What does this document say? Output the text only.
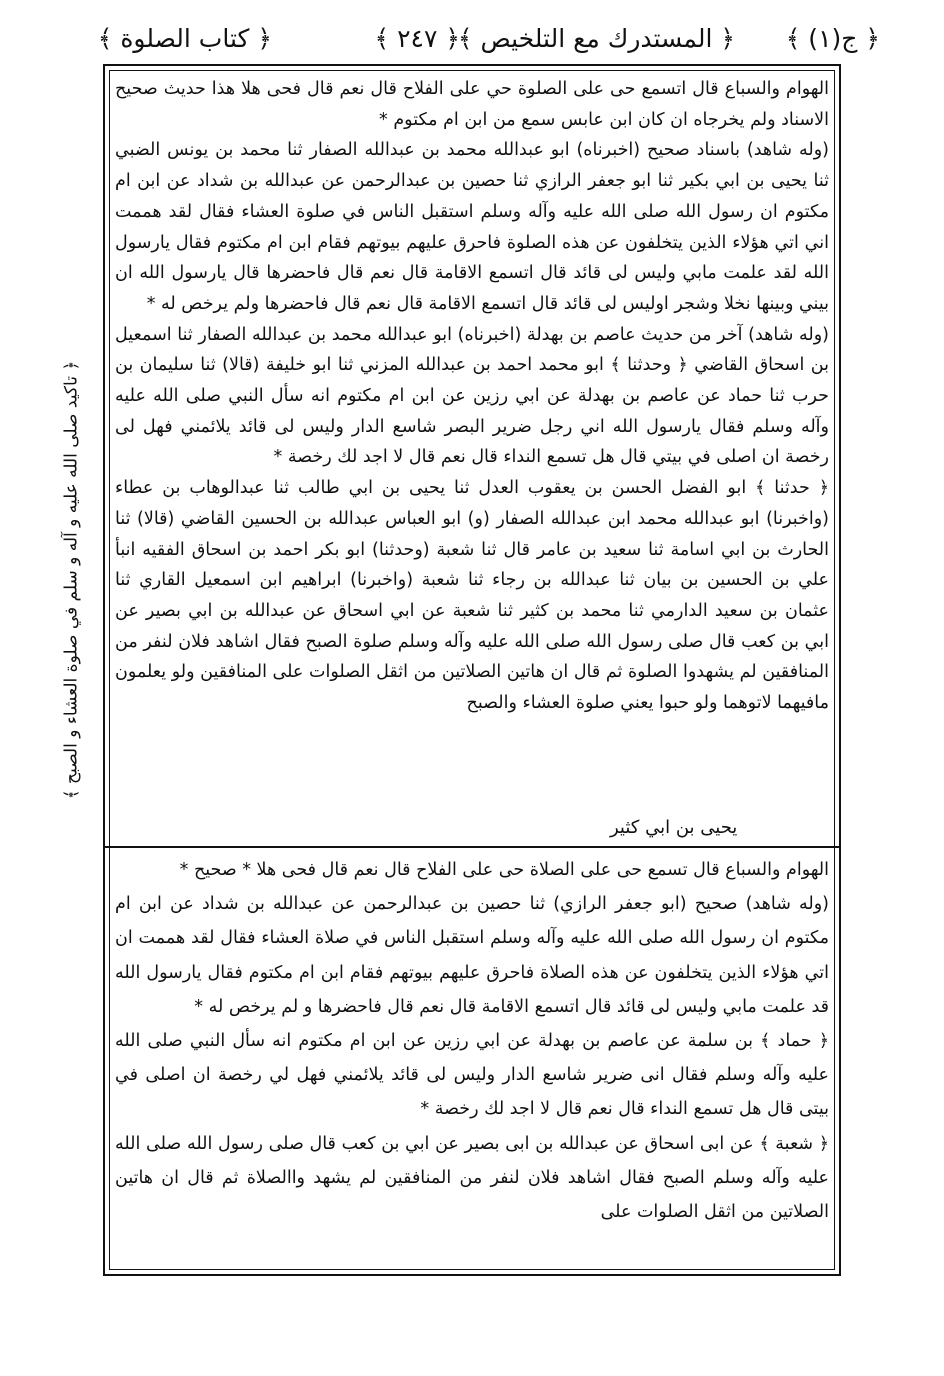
﴿ ج(١) ﴾
﴿ المستدرك مع التلخيص ﴾
﴿ ٢٤٧ ﴾
﴿ كتاب الصلوة ﴾
﴿ تاكيد صلى الله عليه و آله و سلم في صلوة العشاء و الصبح ﴾

الهوام والسباع قال اتسمع حى على الصلوة حي على الفلاح قال نعم قال فحى هلا هذا حديث صحيح الاسناد ولم يخرجاه ان كان ابن عابس سمع من ابن ام مكتوم *

(وله شاهد) باسناد صحيح (اخبرناه) ابو عبدالله محمد بن عبدالله الصفار ثنا محمد بن يونس الضبي ثنا يحيى بن ابي بكير ثنا ابو جعفر الرازي ثنا حصين بن عبدالرحمن عن عبدالله بن شداد عن ابن ام مكتوم ان رسول الله صلى الله عليه وآله وسلم استقبل الناس في صلوة العشاء فقال لقد هممت اني اتي هؤلاء الذين يتخلفون عن هذه الصلوة فاحرق عليهم بيوتهم فقام ابن ام مكتوم فقال يارسول الله لقد علمت مابي وليس لى قائد قال اتسمع الاقامة قال نعم قال فاحضرها قال يارسول الله ان بيني وبينها نخلا وشجر اوليس لى قائد قال اتسمع الاقامة قال نعم قال فاحضرها ولم يرخص له *

(وله شاهد) آخر من حديث عاصم بن بهدلة (اخبرناه) ابو عبدالله محمد بن عبدالله الصفار ثنا اسمعيل بن اسحاق القاضي ﴿ وحدثنا ﴾ ابو محمد احمد بن عبدالله المزني ثنا ابو خليفة (قالا) ثنا سليمان بن حرب ثنا حماد عن عاصم بن بهدلة عن ابي رزين عن ابن ام مكتوم انه سأل النبي صلى الله عليه وآله وسلم فقال يارسول الله اني رجل ضرير البصر شاسع الدار وليس لى قائد يلائمني فهل لى رخصة ان اصلى في بيتي قال هل تسمع النداء قال نعم قال لا اجد لك رخصة *

﴿ حدثنا ﴾ ابو الفضل الحسن بن يعقوب العدل ثنا يحيى بن ابي طالب ثنا عبدالوهاب بن عطاء (واخبرنا) ابو عبدالله محمد ابن عبدالله الصفار (و) ابو العباس عبدالله بن الحسين القاضي (قالا) ثنا الحارث بن ابي اسامة ثنا سعيد بن عامر قال ثنا شعبة (وحدثنا) ابو بكر احمد بن اسحاق الفقيه انبأ علي بن الحسين بن بيان ثنا عبدالله بن رجاء ثنا شعبة (واخبرنا) ابراهيم ابن اسمعيل القاري ثنا عثمان بن سعيد الدارمي ثنا محمد بن كثير ثنا شعبة عن ابي اسحاق عن عبدالله بن ابي بصير عن ابي بن كعب قال صلى رسول الله صلى الله عليه وآله وسلم صلوة الصبح فقال اشاهد فلان لنفر من المنافقين لم يشهدوا الصلوة ثم قال ان هاتين الصلاتين من اثقل الصلوات على المنافقين ولو يعلمون مافيهما لاتوهما ولو حبوا يعني صلوة العشاء والصبح

يحيى بن ابي كثير

الهوام والسباع قال تسمع حى على الصلاة حى على الفلاح قال نعم قال فحى هلا * صحيح *

(وله شاهد) صحيح (ابو جعفر الرازي) ثنا حصين بن عبدالرحمن عن عبدالله بن شداد عن ابن ام مكتوم ان رسول الله صلى الله عليه وآله وسلم استقبل الناس في صلاة العشاء فقال لقد هممت ان اتي هؤلاء الذين يتخلفون عن هذه الصلاة فاحرق عليهم بيوتهم فقام ابن ام مكتوم فقال يارسول الله قد علمت مابي وليس لى قائد قال اتسمع الاقامة قال نعم قال فاحضرها و لم يرخص له *

﴿ حماد ﴾ بن سلمة عن عاصم بن بهدلة عن ابي رزين عن ابن ام مكتوم انه سأل النبي صلى الله عليه وآله وسلم فقال انى ضرير شاسع الدار وليس لى قائد يلائمني فهل لي رخصة ان اصلى في بيتى قال هل تسمع النداء قال نعم قال لا اجد لك رخصة *

﴿ شعبة ﴾ عن ابى اسحاق عن عبدالله بن ابى بصير عن ابي بن كعب قال صلى رسول الله صلى الله عليه وآله وسلم الصبح فقال اشاهد فلان لنفر من المنافقين لم يشهد واالصلاة ثم قال ان هاتين الصلاتين من اثقل الصلوات على
